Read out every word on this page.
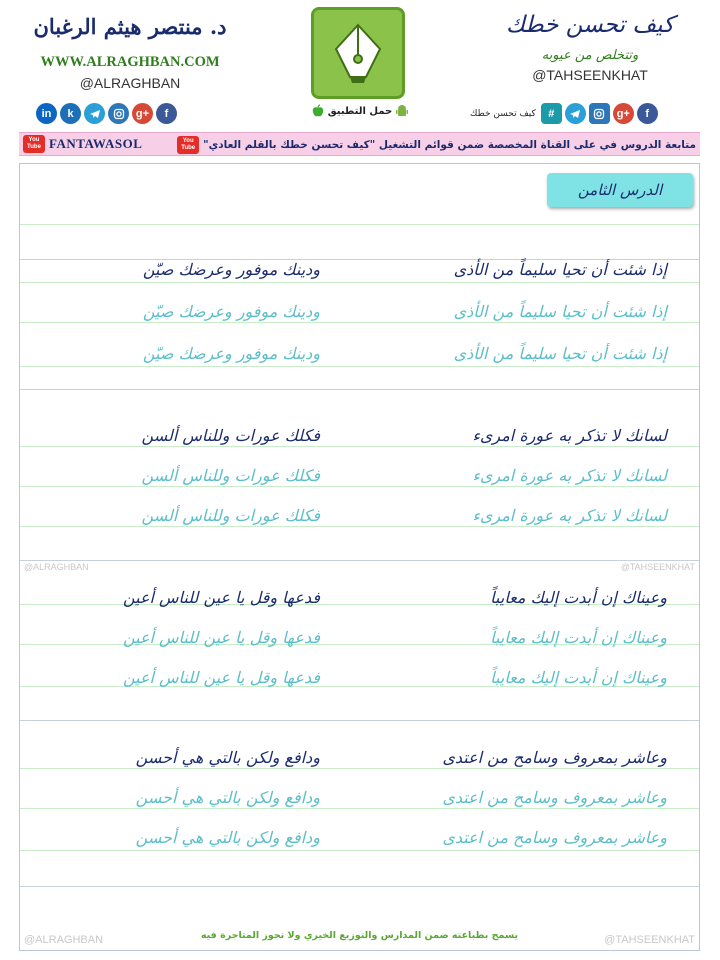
د. منتصر هيثم الرغبان
WWW.ALRAGHBAN.COM
@ALRAGHBAN
in	k	g+	f	حمل التطبيق
كيف تحسن خطك
وتتخلص من عيوبه
@TAHSEENKHAT
كيف تحسن خطك	#	g+	f
You
Tube FANTAWASOL	متابعة الدروس في على القناة المخصصة ضمن قوائم التشغيل "كيف تحسن خطك بالقلم العادي"
You
Tube
@ALRAGHBAN	@TAHSEENKHAT
الدرس الثامن
إذا شئت أن تحيا سليماً من الأذى
ودينك موفور وعرضك صيّن
إذا شئت أن تحيا سليماً من الأذى
ودينك موفور وعرضك صيّن
إذا شئت أن تحيا سليماً من الأذى
ودينك موفور وعرضك صيّن
لسانك لا تذكر به عورة امرىء
فكلك عورات وللناس ألسن
لسانك لا تذكر به عورة امرىء
فكلك عورات وللناس ألسن
لسانك لا تذكر به عورة امرىء
فكلك عورات وللناس ألسن
وعيناك إن أبدت إليك معايباً
فدعها وقل يا عين للناس أعين
وعيناك إن أبدت إليك معايباً
فدعها وقل يا عين للناس أعين
وعيناك إن أبدت إليك معايباً
فدعها وقل يا عين للناس أعين
وعاشر بمعروف وسامح من اعتدى
ودافع ولكن بالتي هي أحسن
وعاشر بمعروف وسامح من اعتدى
ودافع ولكن بالتي هي أحسن
وعاشر بمعروف وسامح من اعتدى
ودافع ولكن بالتي هي أحسن
يسمح بطباعته ضمن المدارس والتوزيع الخيري ولا تجوز المتاجرة فيه
@ALRAGHBAN	@TAHSEENKHAT
